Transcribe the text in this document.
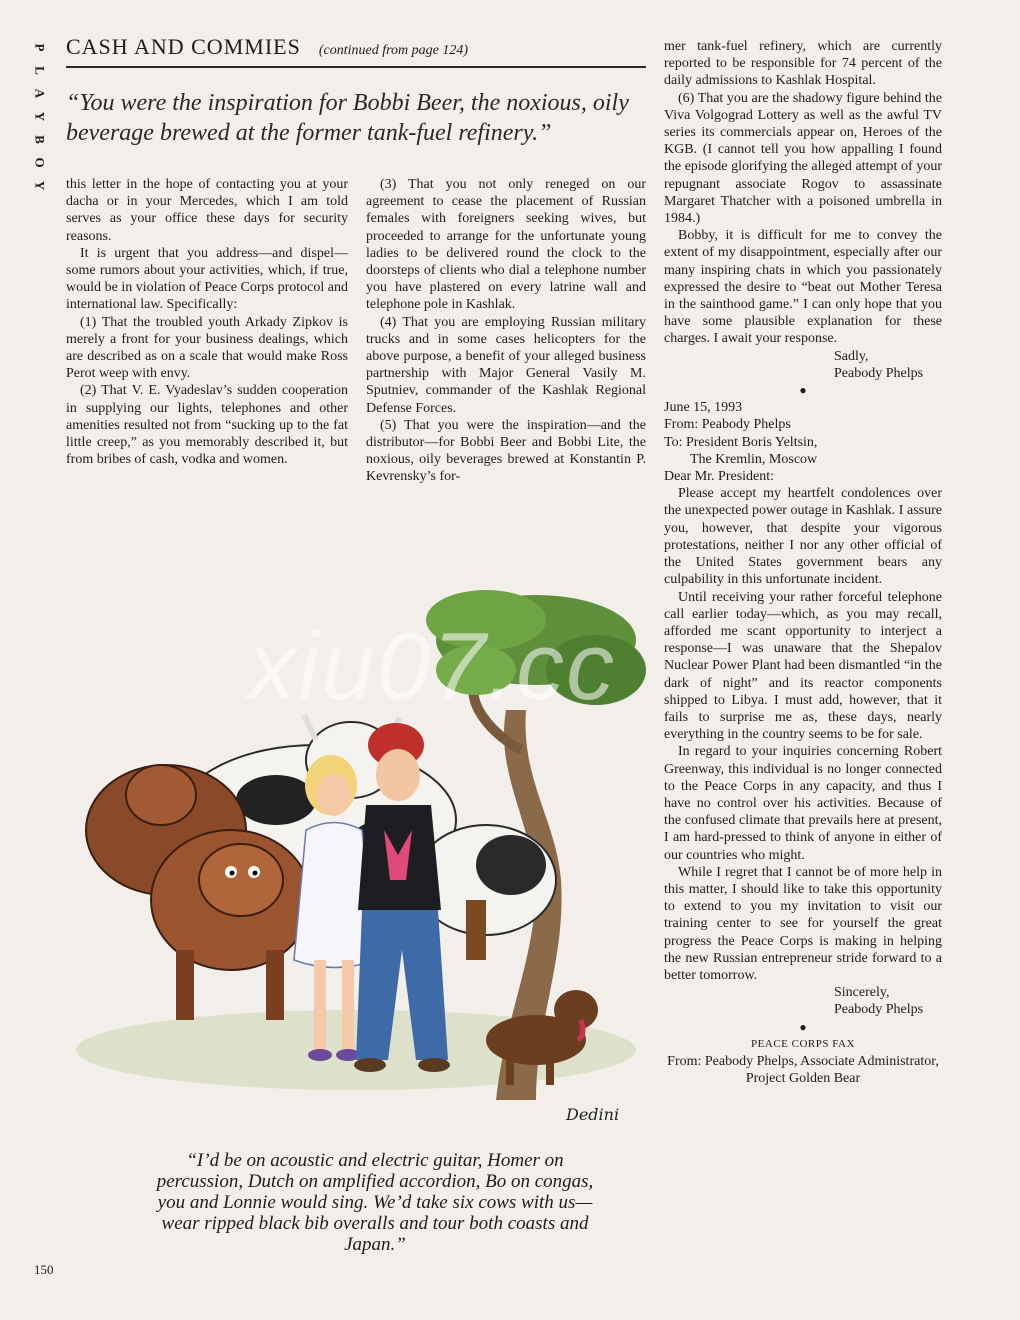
P
L
A
Y
B
O
Y
CASH AND COMMIES (continued from page 124)
“You were the inspiration for Bobbi Beer, the noxious, oily beverage brewed at the former tank-fuel refinery.”

this letter in the hope of contacting you at your dacha or in your Mercedes, which I am told serves as your office these days for security reasons.

It is urgent that you address—and dispel—some rumors about your activities, which, if true, would be in violation of Peace Corps protocol and international law. Specifically:

(1) That the troubled youth Arkady Zipkov is merely a front for your business dealings, which are described as on a scale that would make Ross Perot weep with envy.

(2) That V. E. Vyadeslav’s sudden cooperation in supplying our lights, telephones and other amenities resulted not from “sucking up to the fat little creep,” as you memorably described it, but from bribes of cash, vodka and women.

(3) That you not only reneged on our agreement to cease the placement of Russian females with foreigners seeking wives, but proceeded to arrange for the unfortunate young ladies to be delivered round the clock to the doorsteps of clients who dial a telephone number you have plastered on every latrine wall and telephone pole in Kashlak.

(4) That you are employing Russian military trucks and in some cases helicopters for the above purpose, a benefit of your alleged business partnership with Major General Vasily M. Sputniev, commander of the Kashlak Regional Defense Forces.

(5) That you were the inspiration—and the distributor—for Bobbi Beer and Bobbi Lite, the noxious, oily beverages brewed at Konstantin P. Kevrensky’s for-

mer tank-fuel refinery, which are currently reported to be responsible for 74 percent of the daily admissions to Kashlak Hospital.

(6) That you are the shadowy figure behind the Viva Volgograd Lottery as well as the awful TV series its commercials appear on, Heroes of the KGB. (I cannot tell you how appalling I found the episode glorifying the alleged attempt of your repugnant associate Rogov to assassinate Margaret Thatcher with a poisoned umbrella in 1984.)

Bobby, it is difficult for me to convey the extent of my disappointment, especially after our many inspiring chats in which you passionately expressed the desire to “beat out Mother Teresa in the sainthood game.” I can only hope that you have some plausible explanation for these charges. I await your response.

Sadly,

Peabody Phelps

●

June 15, 1993

From: Peabody Phelps

To: President Boris Yeltsin,

The Kremlin, Moscow

Dear Mr. President:

Please accept my heartfelt condolences over the unexpected power outage in Kashlak. I assure you, however, that despite your vigorous protestations, neither I nor any other official of the United States government bears any culpability in this unfortunate incident.

Until receiving your rather forceful telephone call earlier today—which, as you may recall, afforded me scant opportunity to interject a response—I was unaware that the Shepalov Nuclear Power Plant had been dismantled “in the dark of night” and its reactor components shipped to Libya. I must add, however, that it fails to surprise me as, these days, nearly everything in the country seems to be for sale.

In regard to your inquiries concerning Robert Greenway, this individual is no longer connected to the Peace Corps in any capacity, and thus I have no control over his activities. Because of the confused climate that prevails here at present, I am hard-pressed to think of anyone in either of our countries who might.

While I regret that I cannot be of more help in this matter, I should like to take this opportunity to extend to you my invitation to visit our training center to see for yourself the great progress the Peace Corps is making in helping the new Russian entrepreneur stride forward to a better tomorrow.

Sincerely,

Peabody Phelps

●

PEACE CORPS FAX

From: Peabody Phelps, Associate Administrator, Project Golden Bear

Dedini
xiu07.cc
“I’d be on acoustic and electric guitar, Homer on percussion, Dutch on amplified accordion, Bo on congas, you and Lonnie would sing. We’d take six cows with us—wear ripped black bib overalls and tour both coasts and Japan.”
150
